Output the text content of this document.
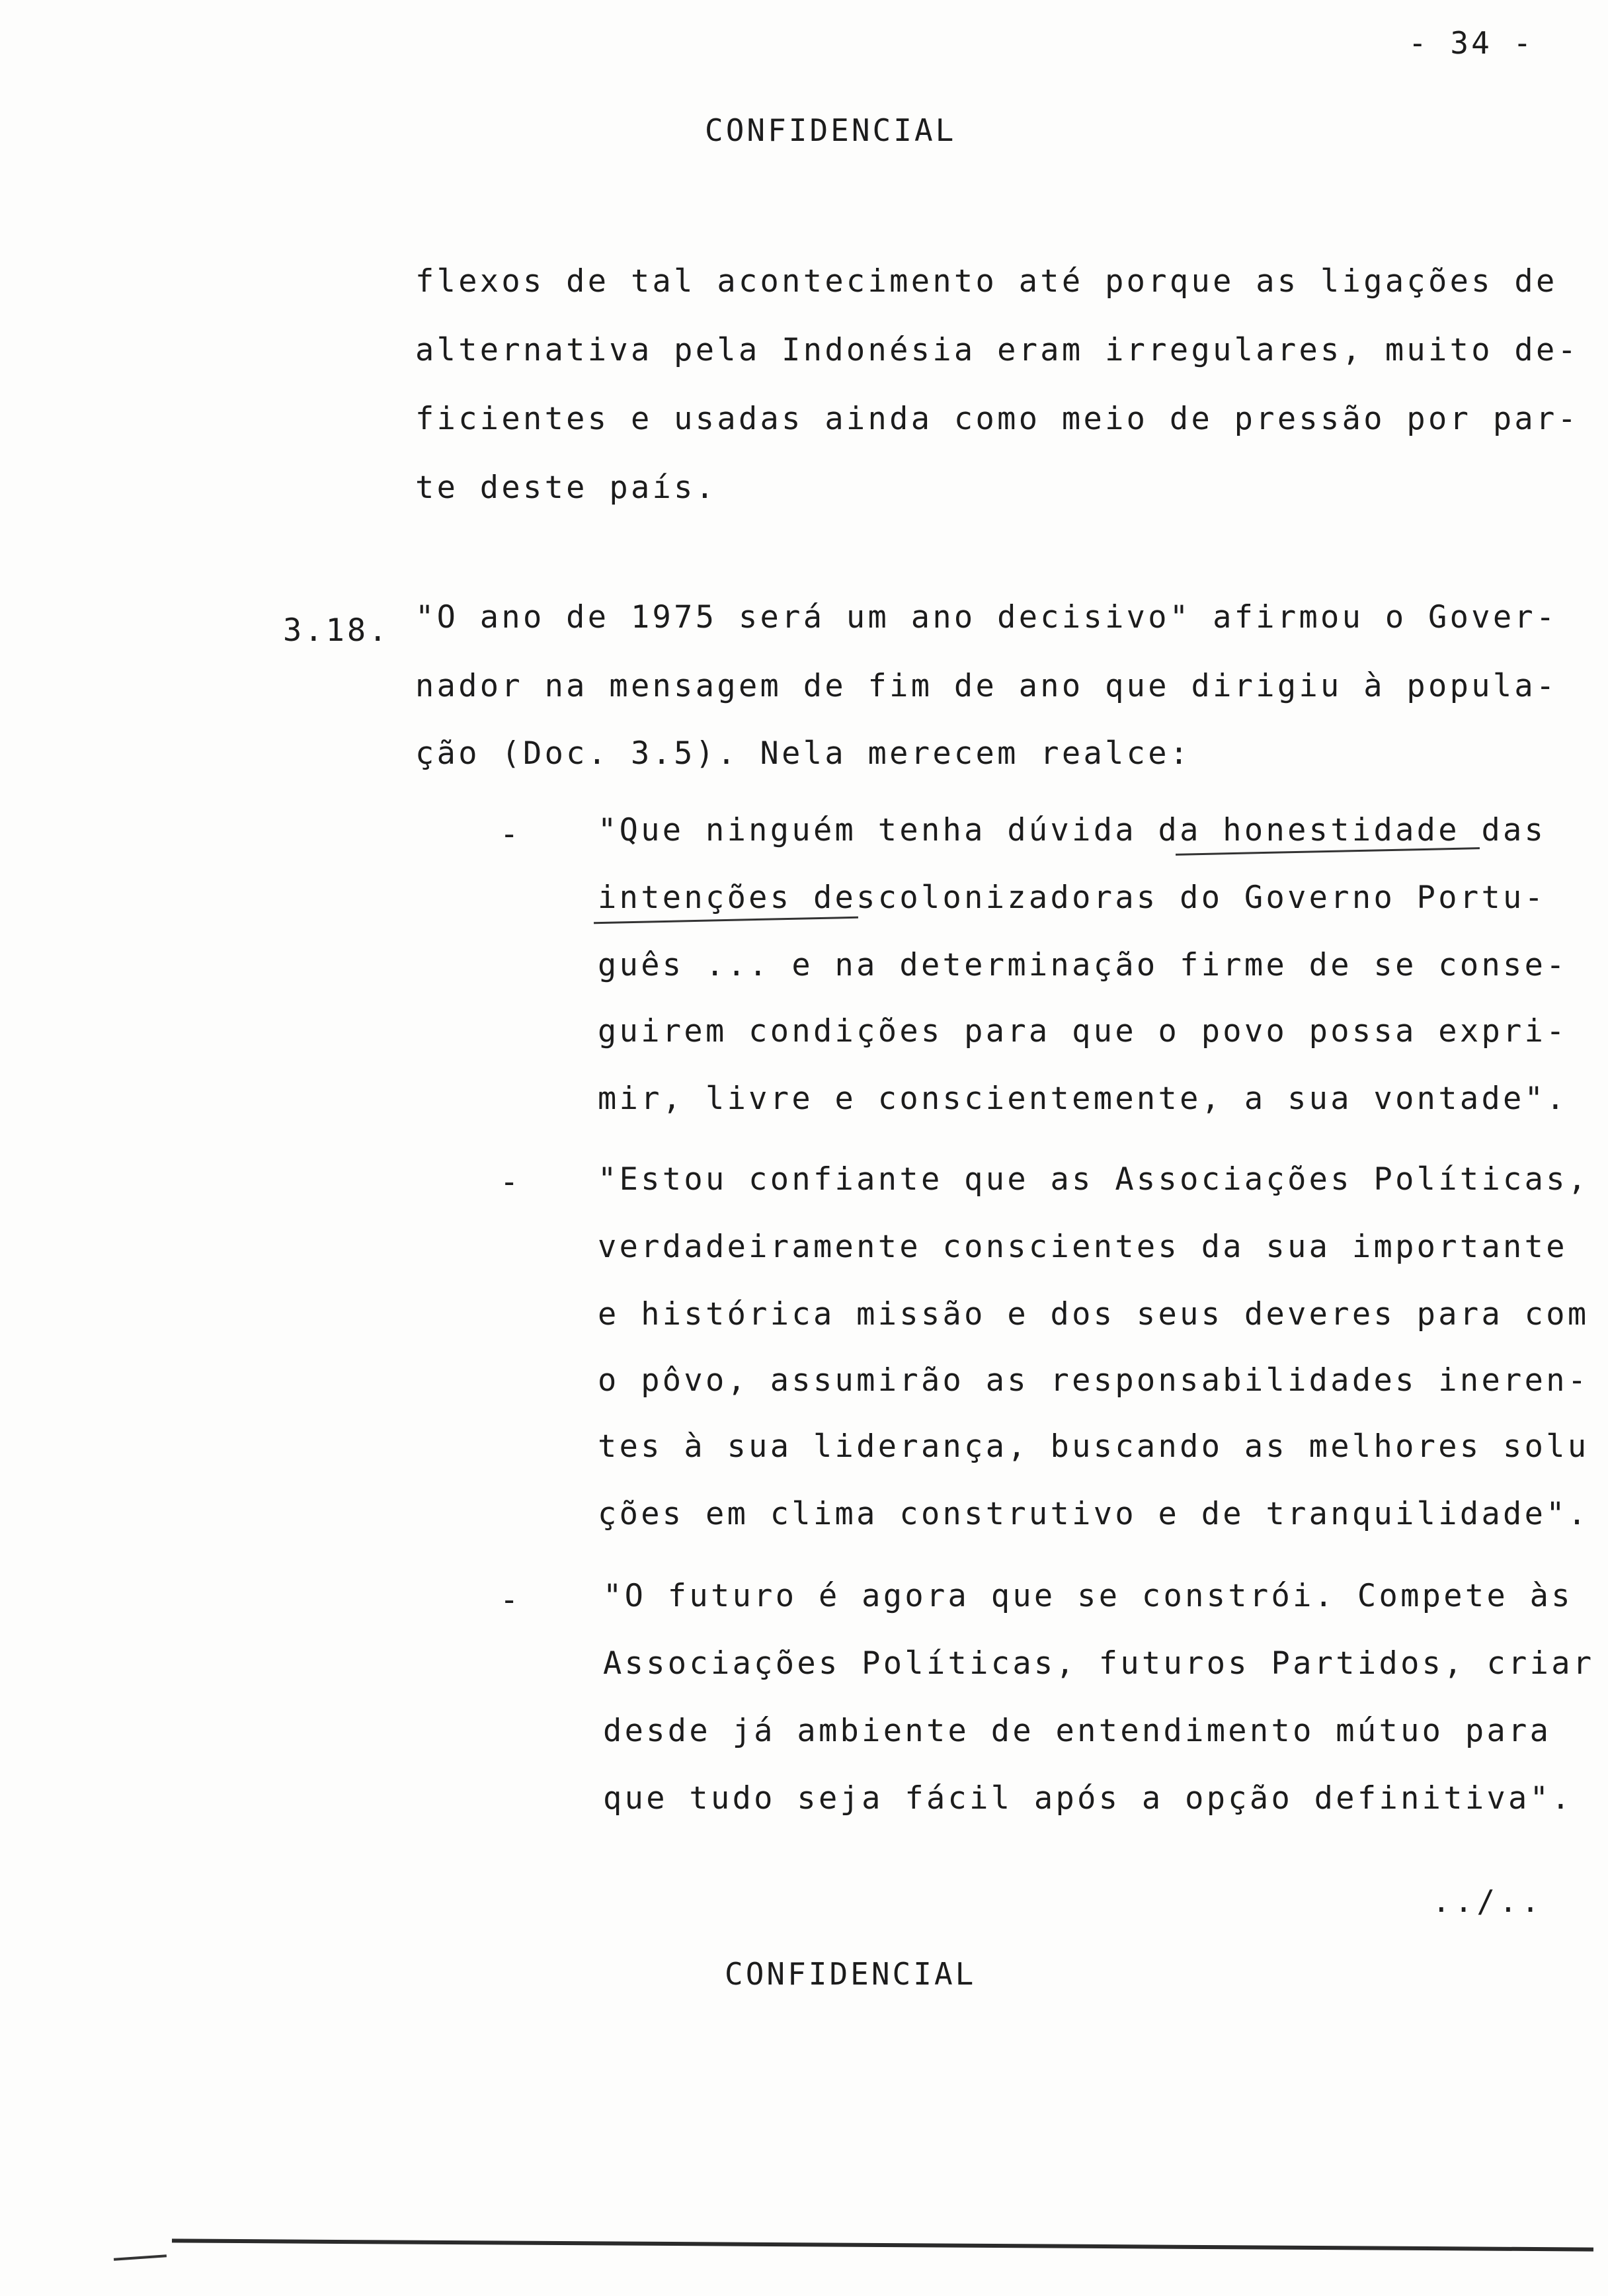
- 34 -
CONFIDENCIAL
flexos de tal acontecimento até porque as ligações de
alternativa pela Indonésia eram irregulares, muito de-
ficientes e usadas ainda como meio de pressão por par-
te deste país.
3.18. "O ano de 1975 será um ano decisivo" afirmou o Gover-
nador na mensagem de fim de ano que dirigiu à popula-
ção (Doc. 3.5). Nela merecem realce:
-	"Que ninguém tenha dúvida da honestidade das
intenções descolonizadoras do Governo Portu-
guês ... e na determinação firme de se conse-
guirem condições para que o povo possa expri-
mir, livre e conscientemente, a sua vontade".
-	"Estou confiante que as Associações Políticas,
verdadeiramente conscientes da sua importante
e histórica missão e dos seus deveres para com
o pôvo, assumirão as responsabilidades ineren-
tes à sua liderança, buscando as melhores solu
ções em clima construtivo e de tranquilidade".
-	"O futuro é agora que se constrói. Compete às
Associações Políticas, futuros Partidos, criar
desde já ambiente de entendimento mútuo para
que tudo seja fácil após a opção definitiva".
../..
CONFIDENCIAL
